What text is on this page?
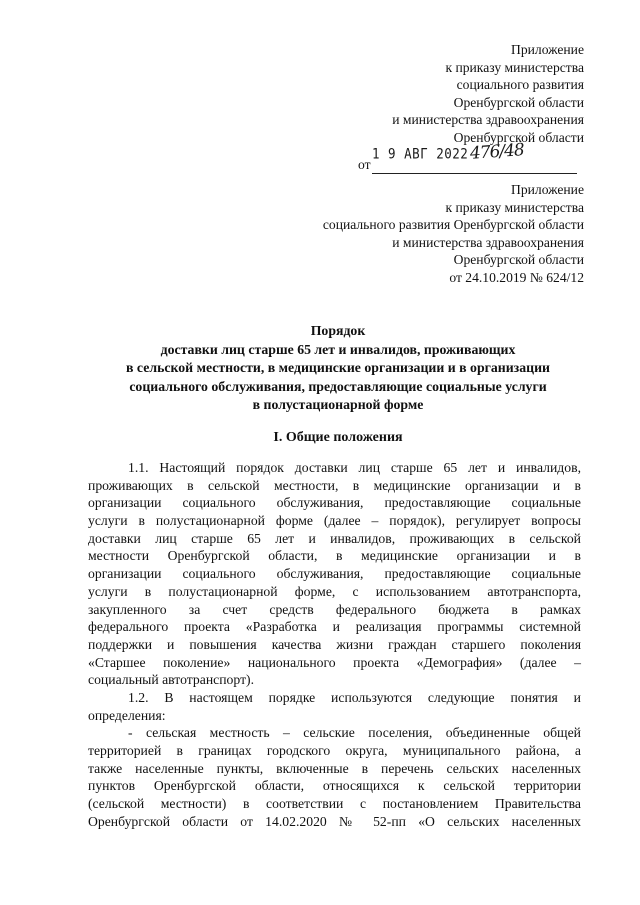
Приложение
к приказу министерства
социального развития
Оренбургской области
и министерства здравоохранения
Оренбургской области
от
1 9 АВГ 2022 476/48
Приложение
к приказу министерства
социального развития Оренбургской области
и министерства здравоохранения
Оренбургской области
от 24.10.2019 № 624/12
Порядок
доставки лиц старше 65 лет и инвалидов, проживающих
в сельской местности, в медицинские организации и в организации
социального обслуживания, предоставляющие социальные услуги
в полустационарной форме
I. Общие положения
1.1. Настоящий порядок доставки лиц старше 65 лет и инвалидов,
проживающих в сельской местности, в медицинские организации и в
организации социального обслуживания, предоставляющие социальные
услуги в полустационарной форме (далее – порядок), регулирует вопросы
доставки лиц старше 65 лет и инвалидов, проживающих в сельской
местности Оренбургской области, в медицинские организации и в
организации социального обслуживания, предоставляющие социальные
услуги в полустационарной форме, с использованием автотранспорта,
закупленного за счет средств федерального бюджета в рамках
федерального проекта «Разработка и реализация программы системной
поддержки и повышения качества жизни граждан старшего поколения
«Старшее поколение» национального проекта «Демография» (далее –
социальный автотранспорт).
1.2. В настоящем порядке используются следующие понятия и
определения:
- сельская местность – сельские поселения, объединенные общей
территорией в границах городского округа, муниципального района, а
также населенные пункты, включенные в перечень сельских населенных
пунктов Оренбургской области, относящихся к сельской территории
(сельской местности) в соответствии с постановлением Правительства
Оренбургской области от 14.02.2020 № 52-пп «О сельских населенных
